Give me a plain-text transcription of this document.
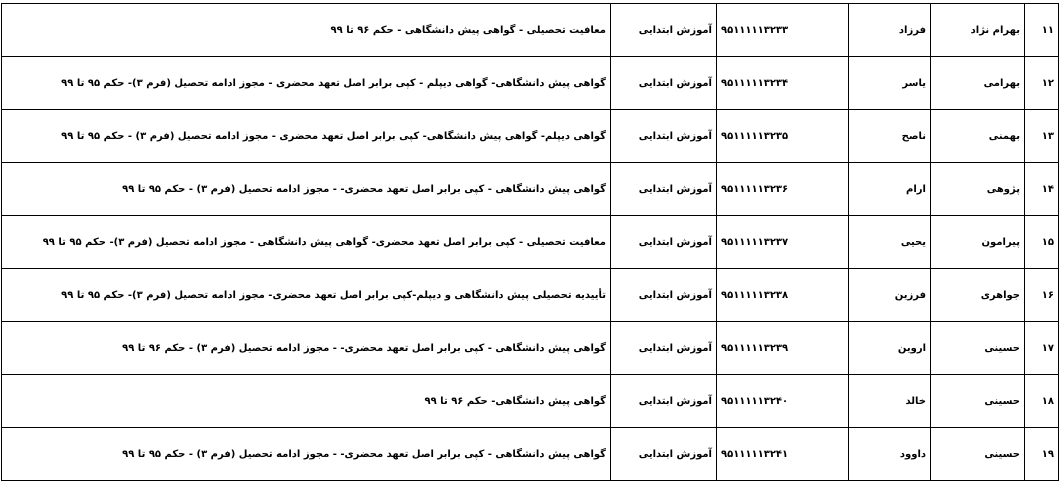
۱۱	بهرام نژاد	فرزاد	۹۵۱۱۱۱۱۳۲۳۳	آموزش ابتدایی	معافیت تحصیلی - گواهی پیش دانشگاهی - حکم ۹۶ تا ۹۹
۱۲	بهرامی	یاسر	۹۵۱۱۱۱۱۳۲۳۴	آموزش ابتدایی	گواهی پیش دانشگاهی- گواهی دیپلم - کپی برابر اصل تعهد محضری - مجوز ادامه تحصیل (فرم ۳)- حکم ۹۵ تا ۹۹
۱۳	بهمنی	ناصح	۹۵۱۱۱۱۱۳۲۳۵	آموزش ابتدایی	گواهی دیپلم- گواهی پیش دانشگاهی- کپی برابر اصل تعهد محضری - مجوز ادامه تحصیل (فرم ۳) - حکم ۹۵ تا ۹۹
۱۴	پژوهی	ارام	۹۵۱۱۱۱۱۳۲۳۶	آموزش ابتدایی	گواهی پیش دانشگاهی - کپی برابر اصل تعهد محضری- - مجوز ادامه تحصیل (فرم ۳) - حکم ۹۵ تا ۹۹
۱۵	پیرامون	یحیی	۹۵۱۱۱۱۱۳۲۳۷	آموزش ابتدایی	معافیت تحصیلی - کپی برابر اصل تعهد محضری- گواهی پیش دانشگاهی - مجوز ادامه تحصیل (فرم ۳)- حکم ۹۵ تا ۹۹
۱۶	جواهری	فرزین	۹۵۱۱۱۱۱۳۲۳۸	آموزش ابتدایی	تأییدیه تحصیلی پیش دانشگاهی و دیپلم-کپی برابر اصل تعهد محضری- مجوز ادامه تحصیل (فرم ۳)- حکم ۹۵ تا ۹۹
۱۷	حسینی	اروین	۹۵۱۱۱۱۱۳۲۳۹	آموزش ابتدایی	گواهی پیش دانشگاهی - کپی برابر اصل تعهد محضری- - مجوز ادامه تحصیل (فرم ۳) - حکم ۹۶ تا ۹۹
۱۸	حسینی	خالد	۹۵۱۱۱۱۱۳۲۴۰	آموزش ابتدایی	گواهی پیش دانشگاهی- حکم ۹۶ تا ۹۹
۱۹	حسینی	داوود	۹۵۱۱۱۱۱۳۲۴۱	آموزش ابتدایی	گواهی پیش دانشگاهی - کپی برابر اصل تعهد محضری- - مجوز ادامه تحصیل (فرم ۳) - حکم ۹۵ تا ۹۹
